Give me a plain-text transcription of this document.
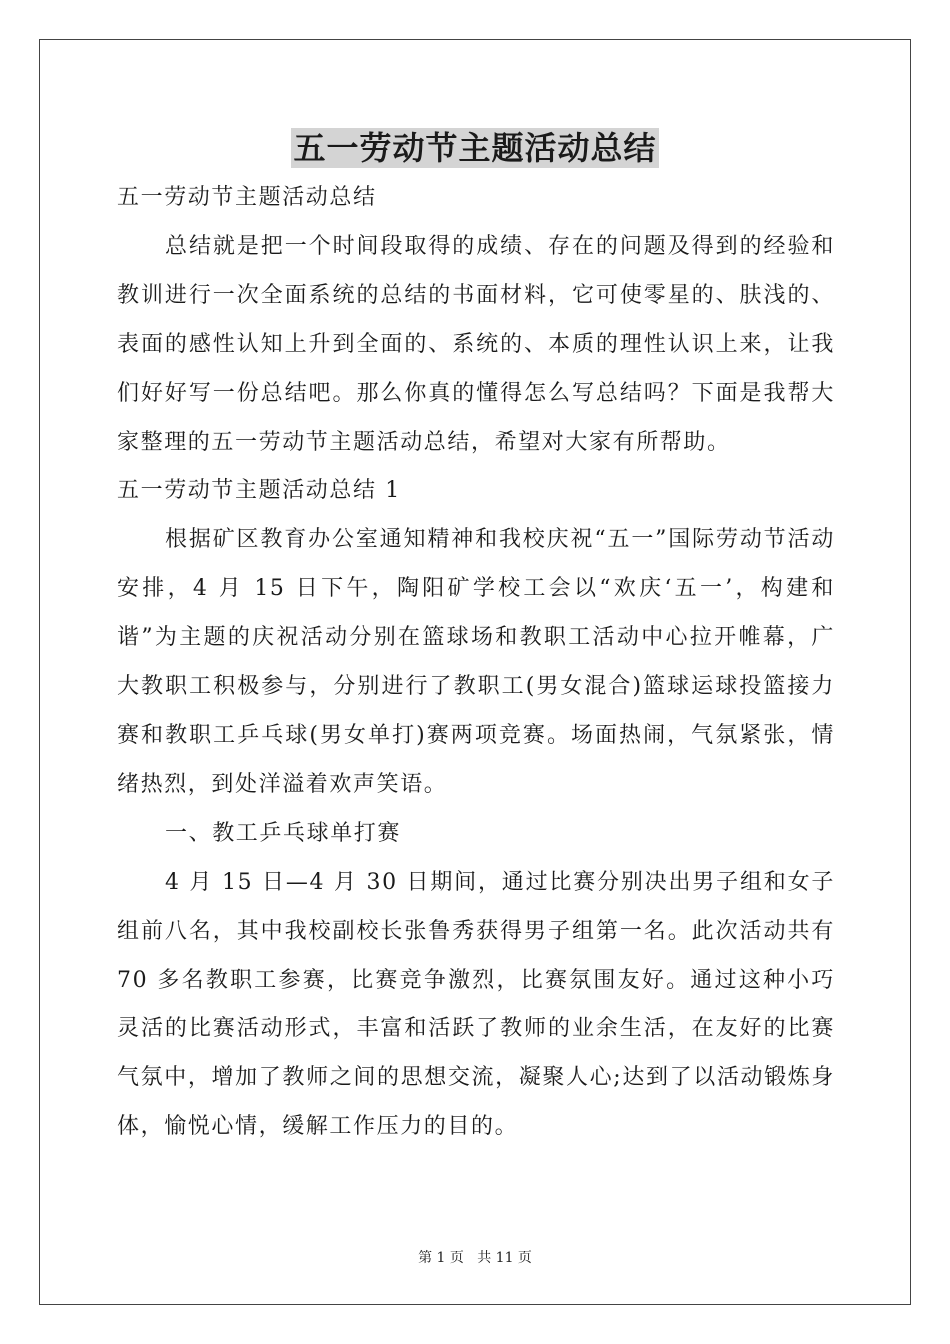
五一劳动节主题活动总结

五一劳动节主题活动总结

总结就是把一个时间段取得的成绩、存在的问题及得到的经验和教训进行一次全面系统的总结的书面材料，它可使零星的、肤浅的、表面的感性认知上升到全面的、系统的、本质的理性认识上来，让我们好好写一份总结吧。那么你真的懂得怎么写总结吗？下面是我帮大家整理的五一劳动节主题活动总结，希望对大家有所帮助。

五一劳动节主题活动总结 1

根据矿区教育办公室通知精神和我校庆祝“五一”国际劳动节活动安排，4 月 15 日下午，陶阳矿学校工会以“欢庆‘五一’，构建和谐”为主题的庆祝活动分别在篮球场和教职工活动中心拉开帷幕，广大教职工积极参与，分别进行了教职工(男女混合)篮球运球投篮接力赛和教职工乒乓球(男女单打)赛两项竞赛。场面热闹，气氛紧张，情绪热烈，到处洋溢着欢声笑语。

一、教工乒乓球单打赛

4 月 15 日—4 月 30 日期间，通过比赛分别决出男子组和女子组前八名，其中我校副校长张鲁秀获得男子组第一名。此次活动共有 70 多名教职工参赛，比赛竞争激烈，比赛氛围友好。通过这种小巧灵活的比赛活动形式，丰富和活跃了教师的业余生活，在友好的比赛气氛中，增加了教师之间的思想交流，凝聚人心;达到了以活动锻炼身体，愉悦心情，缓解工作压力的目的。

第 1 页   共 11 页
